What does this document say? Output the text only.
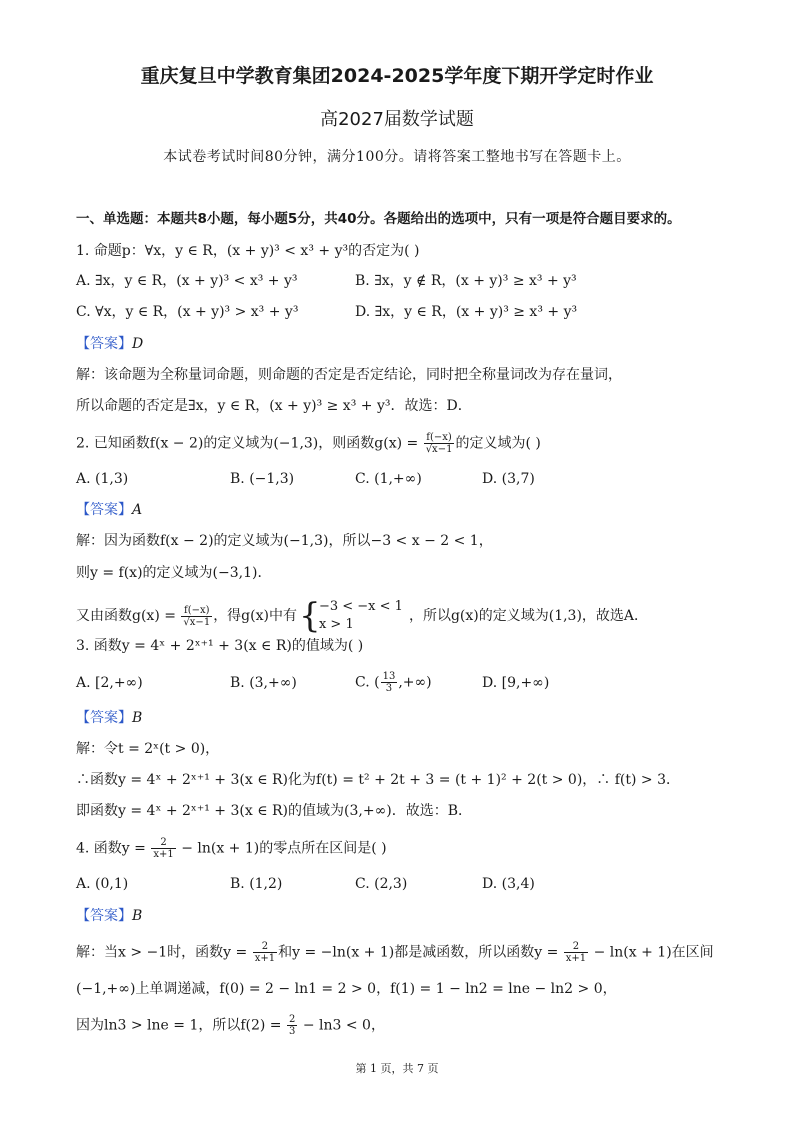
重庆复旦中学教育集团2024-2025学年度下期开学定时作业
高2027届数学试题
本试卷考试时间80分钟，满分100分。请将答案工整地书写在答题卡上。
一、单选题：本题共8小题，每小题5分，共40分。各题给出的选项中，只有一项是符合题目要求的。
1. 命题p：∀x，y ∈ R，(x + y)³ < x³ + y³的否定为( )
A. ∃x，y ∈ R，(x + y)³ < x³ + y³	B. ∃x，y ∉ R，(x + y)³ ≥ x³ + y³
C. ∀x，y ∈ R，(x + y)³ > x³ + y³	D. ∃x，y ∈ R，(x + y)³ ≥ x³ + y³
【答案】D
解：该命题为全称量词命题，则命题的否定是否定结论，同时把全称量词改为存在量词，
所以命题的否定是∃x，y ∈ R，(x + y)³ ≥ x³ + y³．故选：D．
2. 已知函数f(x − 2)的定义域为(−1,3)，则函数$g(x) = \frac{f(-x)}{√x-1}$ 的定义域为( )
A. (1,3)	B. (−1,3)	C. (1,+∞)	D. (3,7)
【答案】A
解：因为函数f(x − 2)的定义域为(−1,3)，所以−3 < x − 2 < 1，
则y = f(x)的定义域为(−3,1)．
又由函数$g(x) = \frac{f(-x)}{√x-1}$ ，得g(x)中有 {
−3 < −x < 1
x > 1
，所以g(x)的定义域为(1,3)，故选A．
3. 函数y = 4ˣ + 2ˣ⁺¹ + 3(x ∈ R)的值域为( )
A. [2,+∞)	B. (3,+∞)	C. ( $\frac{13}{3}$ ,+∞)	D. [9,+∞)
【答案】B
解：令t = 2ˣ(t > 0)，
∴函数y = 4ˣ + 2ˣ⁺¹ + 3(x ∈ R)化为f(t) = t² + 2t + 3 = (t + 1)² + 2(t > 0)，∴ f(t) > 3．
即函数y = 4ˣ + 2ˣ⁺¹ + 3(x ∈ R)的值域为(3,+∞)．故选：B．
4. 函数$y = \frac{2}{x+1} - \ln(x + 1)$的零点所在区间是( )
A. (0,1)	B. (1,2)	C. (2,3)	D. (3,4)
【答案】B
解：当x > −1时，函数$y = \frac{2}{x+1}$ 和y = −ln(x + 1)都是减函数，所以函数$y = \frac{2}{x+1} - \ln(x + 1)$在区间
(−1,+∞)上单调递减，f(0) = 2 − ln1 = 2 > 0，f(1) = 1 − ln2 = lne − ln2 > 0，
因为ln3 > lne = 1，所以$f(2) = \frac{2}{3} - \ln 3 < 0$，
第 1 页，共 7 页
